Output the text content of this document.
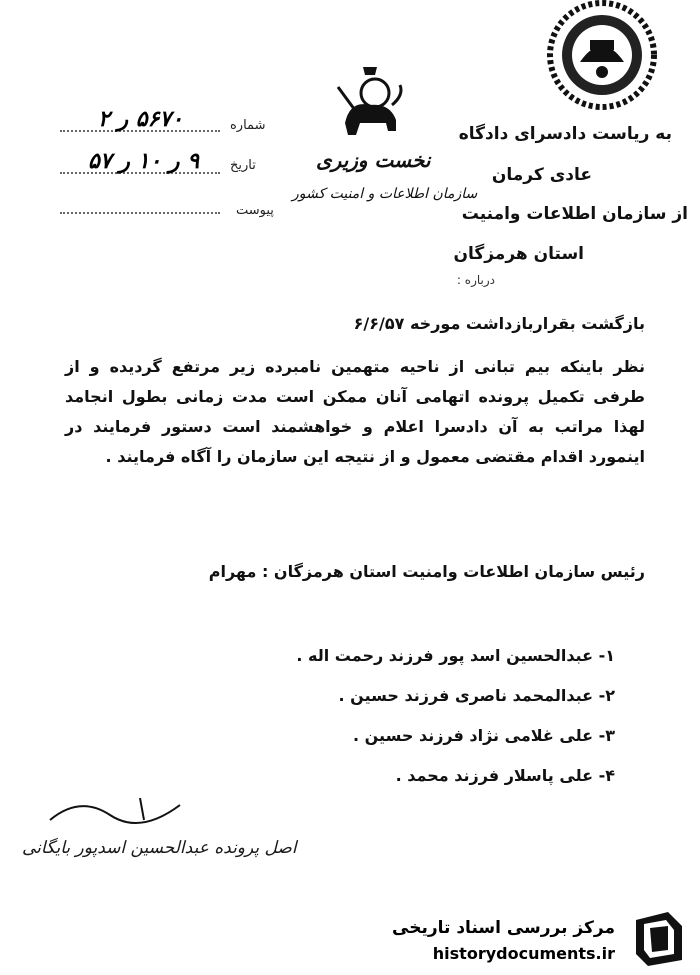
نخست وزیری
سازمان اطلاعات و امنیت کشور
شماره
۵۶۷۰ ر ۲
تاریخ
۹ ر ۱۰ ر ۵۷
پیوست
به ریاست دادسرای دادگاه
عادی کرمان
از سازمان اطلاعات وامنیت
استان هرمزگان
درباره :
بازگشت بقراربازداشت مورخه ۶/۶/۵۷
نظر باینکه بیم تبانی از ناحیه متهمین نامبرده زیر مرتفع گردیده و از طرفی تکمیل پرونده اتهامی آنان ممکن است مدت زمانی بطول انجامد لهذا مراتب به آن دادسرا اعلام و خواهشمند است دستور فرمایند در اینمورد اقدام مقتضی معمول و از نتیجه این سازمان را آگاه فرمایند .
رئیس سازمان اطلاعات وامنیت استان هرمزگان : مهرام
۱- عبدالحسین اسد پور فرزند رحمت اله .
۲- عبدالمحمد ناصری فرزند حسین .
۳- علی غلامی نژاد فرزند حسین .
۴- علی پاسلار فرزند محمد .
اصل پرونده عبدالحسین اسدپور بایگانی
مرکز بررسی اسناد تاریخی
historydocuments.ir
